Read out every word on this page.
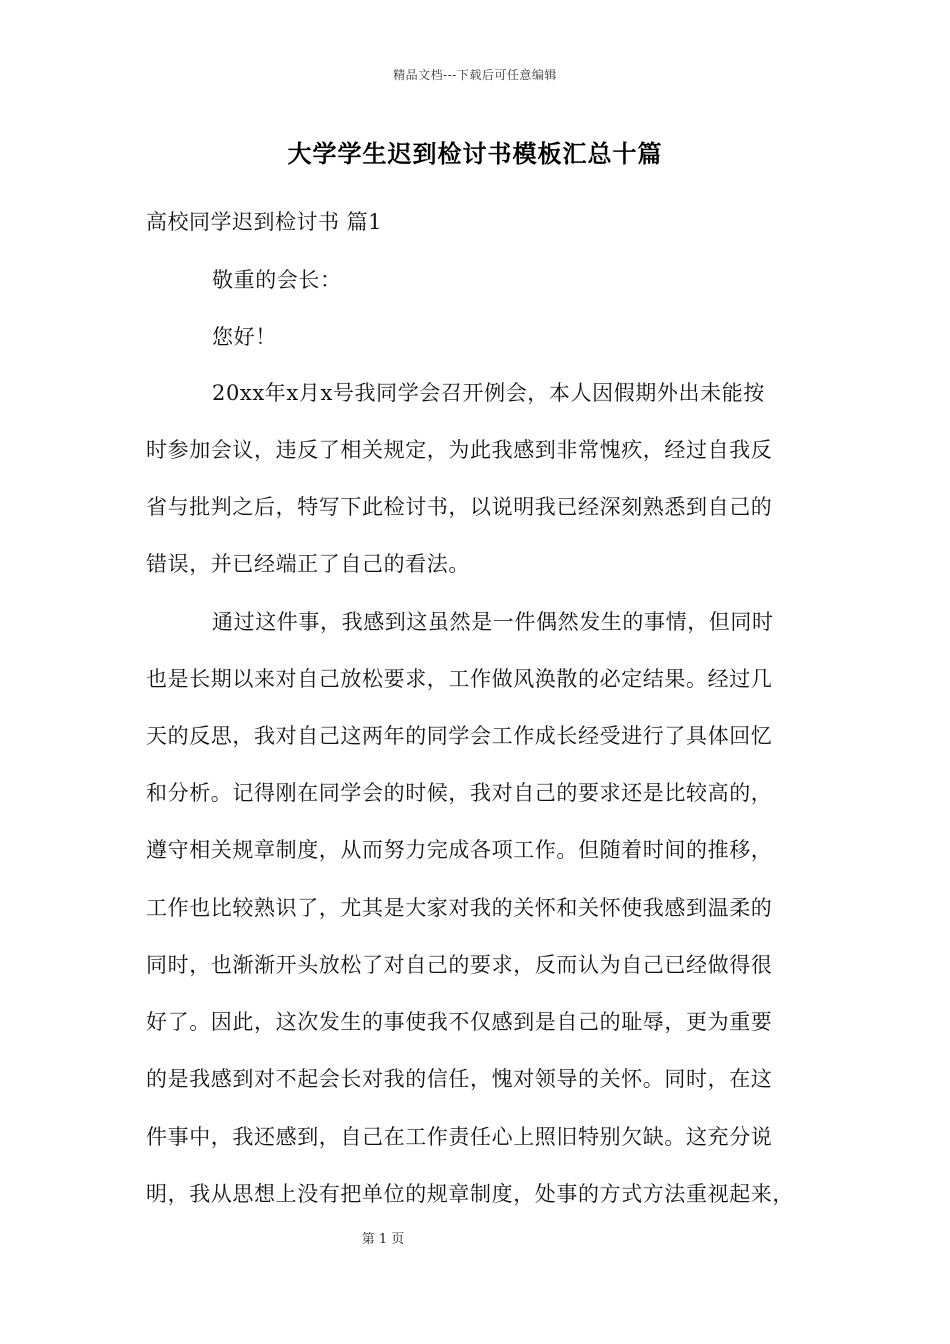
精品文档---下载后可任意编辑
大学学生迟到检讨书模板汇总十篇
高校同学迟到检讨书 篇1
敬重的会长：
您好！
20xx年x月x号我同学会召开例会，本人因假期外出未能按
时参加会议，违反了相关规定，为此我感到非常愧疚，经过自我反
省与批判之后，特写下此检讨书，以说明我已经深刻熟悉到自己的
错误，并已经端正了自己的看法。
通过这件事，我感到这虽然是一件偶然发生的事情，但同时
也是长期以来对自己放松要求，工作做风涣散的必定结果。经过几
天的反思，我对自己这两年的同学会工作成长经受进行了具体回忆
和分析。记得刚在同学会的时候，我对自己的要求还是比较高的，
遵守相关规章制度，从而努力完成各项工作。但随着时间的推移，
工作也比较熟识了，尤其是大家对我的关怀和关怀使我感到温柔的
同时，也渐渐开头放松了对自己的要求，反而认为自己已经做得很
好了。因此，这次发生的事使我不仅感到是自己的耻辱，更为重要
的是我感到对不起会长对我的信任，愧对领导的关怀。同时，在这
件事中，我还感到，自己在工作责任心上照旧特别欠缺。这充分说
明，我从思想上没有把单位的规章制度，处事的方式方法重视起来，
第 1 页
